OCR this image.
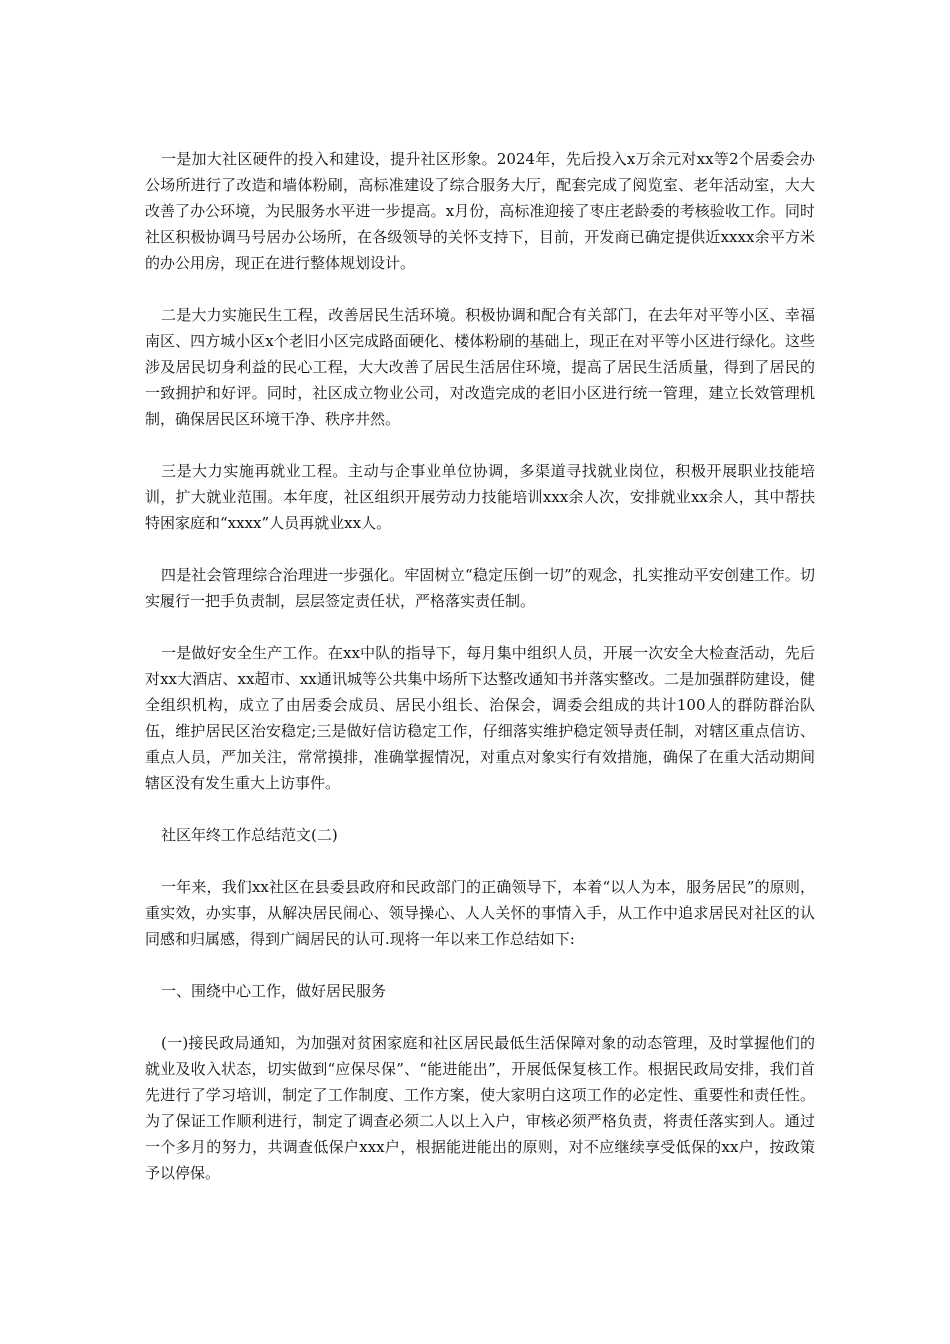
一是加大社区硬件的投入和建设，提升社区形象。2024年，先后投入x万余元对xx等2个居委会办公场所进行了改造和墙体粉刷，高标准建设了综合服务大厅，配套完成了阅览室、老年活动室，大大改善了办公环境，为民服务水平进一步提高。x月份，高标准迎接了枣庄老龄委的考核验收工作。同时社区积极协调马号居办公场所，在各级领导的关怀支持下，目前，开发商已确定提供近xxxx余平方米的办公用房，现正在进行整体规划设计。

二是大力实施民生工程，改善居民生活环境。积极协调和配合有关部门，在去年对平等小区、幸福南区、四方城小区x个老旧小区完成路面硬化、楼体粉刷的基础上，现正在对平等小区进行绿化。这些涉及居民切身利益的民心工程，大大改善了居民生活居住环境，提高了居民生活质量，得到了居民的一致拥护和好评。同时，社区成立物业公司，对改造完成的老旧小区进行统一管理，建立长效管理机制，确保居民区环境干净、秩序井然。

三是大力实施再就业工程。主动与企事业单位协调，多渠道寻找就业岗位，积极开展职业技能培训，扩大就业范围。本年度，社区组织开展劳动力技能培训xxx余人次，安排就业xx余人，其中帮扶特困家庭和“xxxx”人员再就业xx人。

四是社会管理综合治理进一步强化。牢固树立“稳定压倒一切”的观念，扎实推动平安创建工作。切实履行一把手负责制，层层签定责任状，严格落实责任制。

一是做好安全生产工作。在xx中队的指导下，每月集中组织人员，开展一次安全大检查活动，先后对xx大酒店、xx超市、xx通讯城等公共集中场所下达整改通知书并落实整改。二是加强群防建设，健全组织机构，成立了由居委会成员、居民小组长、治保会，调委会组成的共计100人的群防群治队伍，维护居民区治安稳定;三是做好信访稳定工作，仔细落实维护稳定领导责任制，对辖区重点信访、重点人员，严加关注，常常摸排，准确掌握情况，对重点对象实行有效措施，确保了在重大活动期间辖区没有发生重大上访事件。

社区年终工作总结范文(二)

一年来，我们xx社区在县委县政府和民政部门的正确领导下，本着“以人为本，服务居民”的原则，重实效，办实事，从解决居民闹心、领导操心、人人关怀的事情入手，从工作中追求居民对社区的认同感和归属感，得到广阔居民的认可.现将一年以来工作总结如下:

一、围绕中心工作，做好居民服务

(一)接民政局通知，为加强对贫困家庭和社区居民最低生活保障对象的动态管理，及时掌握他们的就业及收入状态，切实做到“应保尽保”、“能进能出”，开展低保复核工作。根据民政局安排，我们首先进行了学习培训，制定了工作制度、工作方案，使大家明白这项工作的必定性、重要性和责任性。为了保证工作顺利进行，制定了调查必须二人以上入户，审核必须严格负责，将责任落实到人。通过一个多月的努力，共调查低保户xxx户，根据能进能出的原则，对不应继续享受低保的xx户，按政策予以停保。
